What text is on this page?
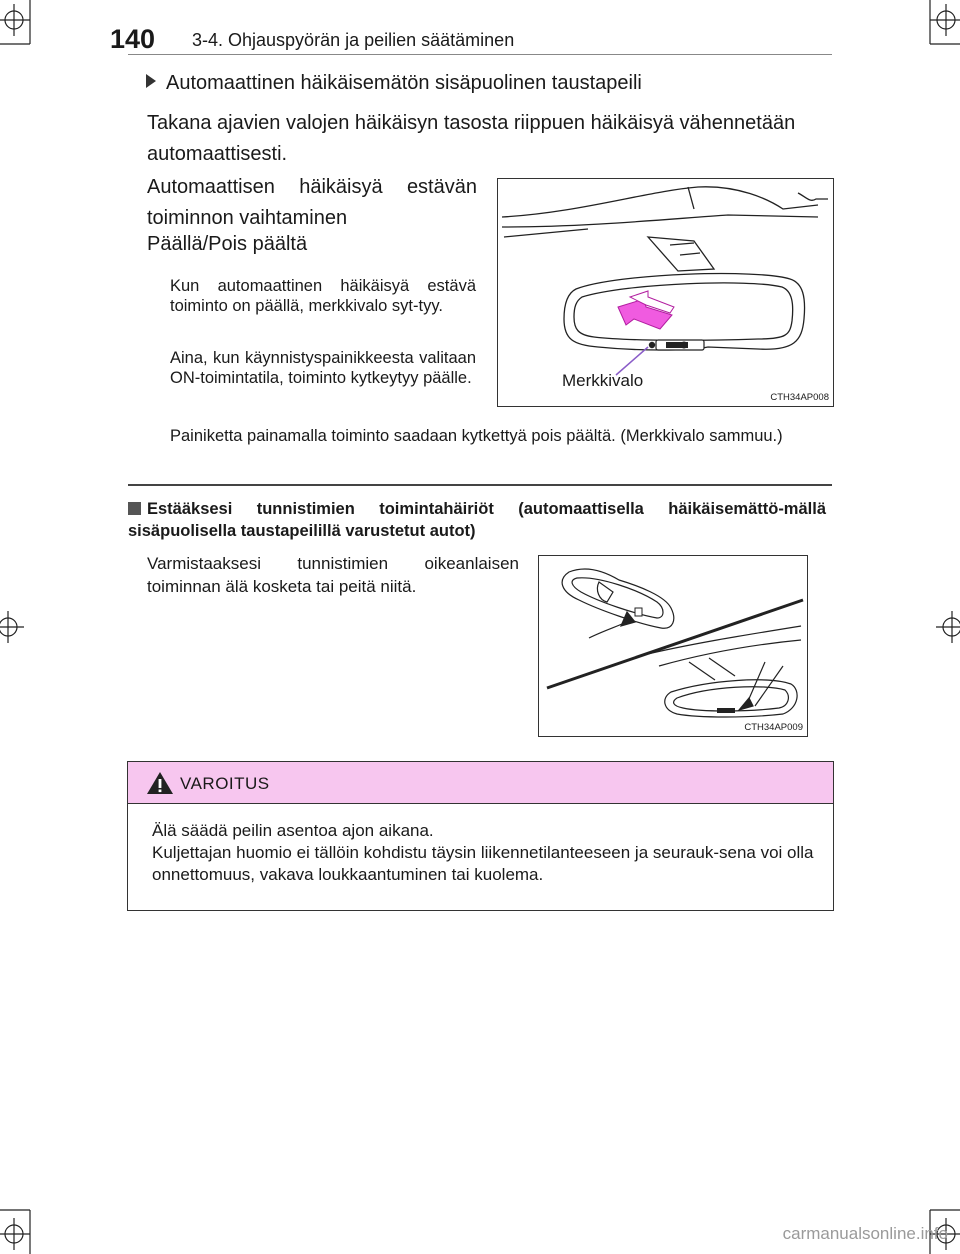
140 3-4. Ohjauspyörän ja peilien säätäminen
Automaattinen häikäisemätön sisäpuolinen taustapeili
Takana ajavien valojen häikäisyn tasosta riippuen häikäisyä vähennetään automaattisesti.
Automaattisen häikäisyä estävän toiminnon vaihtaminen
Päällä/Pois päältä
Kun automaattinen häikäisyä estävä toiminto on päällä, merkkivalo syt-tyy.
Aina, kun käynnistyspainikkeesta valitaan ON-toimintatila, toiminto kytkeytyy päälle.
Painiketta painamalla toiminto saadaan kytkettyä pois päältä. (Merkkivalo sammuu.)
Merkkivalo
CTH34AP008
Estääksesi tunnistimien toimintahäiriöt (automaattisella häikäisemättö-mällä sisäpuolisella taustapeilillä varustetut autot)
Varmistaaksesi tunnistimien oikeanlaisen toiminnan älä kosketa tai peitä niitä.
CTH34AP009
VAROITUS
Älä säädä peilin asentoa ajon aikana.
Kuljettajan huomio ei tällöin kohdistu täysin liikennetilanteeseen ja seurauk-sena voi olla onnettomuus, vakava loukkaantuminen tai kuolema.
carmanualsonline.info
